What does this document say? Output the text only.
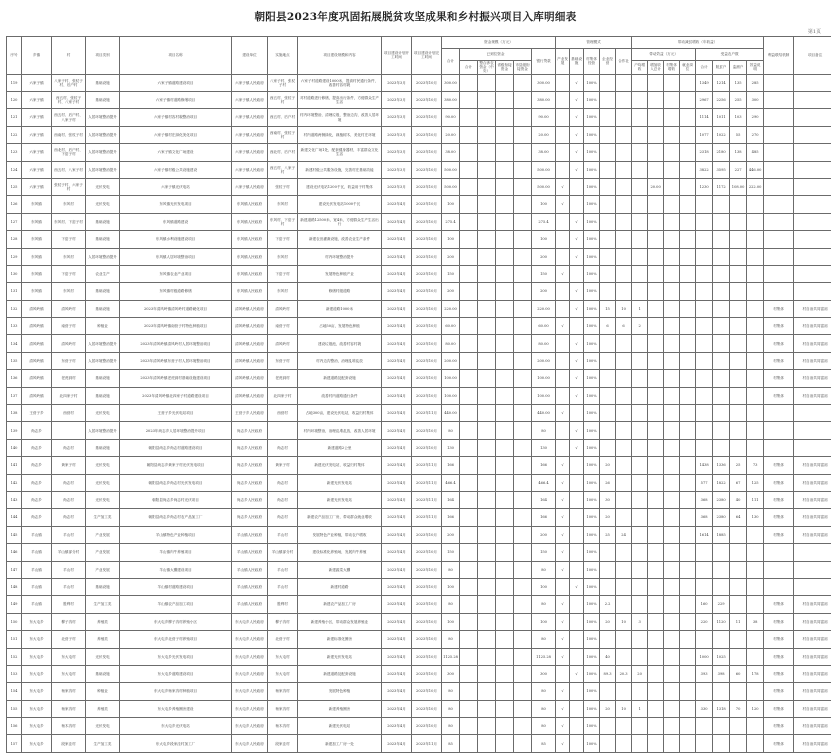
朝阳县2023年度巩固拓展脱贫攻坚成果和乡村振兴项目入库明细表
第1页
序号	乡镇	村	项目类别	项目名称	建设单位	实施地点	项目建设规模和内容	项目建设计划开工时间	项目建设计划完工时间	资金规模（万元）						管理模式					带动减贫增收（年收益）								利益联结机制	项目备注
										合计	已到位资金				银行贷款	产业发展	基础设施	村集体经营	企业经营	合作社	带动效益（万元）				受益农户数					
											合计	整合涉农资金（中央）	省级衔接资金	市县级衔接资金							户均增收	增加收入总计	村集体增收	就业岗位	合计	脱贫户	监测户	效益说明		
119	六家子镇	八家子村、张杖子村、后户村	基础设施	六家子镇道路建设项目	六家子镇人民政府	八家子村、张杖子村	六家子村道路建设1000米，提高村民通行条件，改善村容村貌	2023年3月	2023年10月	300.00					300.00		√	100%							1349	1214	135	285		
120	六家子镇	西五村、张杖子村、八家子村	基础设施	六家子镇村道路修缮项目	六家子镇人民政府	西五村、张杖子村	对村道路进行修缮，提高出行条件，方便群众生产生活	2023年3月	2023年10月	380.00					380.00		√	100%							2967	2256	255	300		
121	六家子镇	西五村、后户村、八家子村	人居环境整治提升	六家子镇村容村貌整治项目	六家子镇人民政府	西五村、后户村	村内环境整治，清理垃圾，整治边沟，改善人居环境	2023年3月	2023年10月	90.00					90.00		√	100%							1114	1011	103	290		
122	六家子镇	西南村、张杖子村	人居环境整治提升	六家子镇村庄绿化美化项目	六家子镇人民政府	西南村、张杖子村	村内道路两侧绿化，栽植树木，美化村庄环境	2023年3月	2023年10月	20.00					20.00		√	100%							1077	1022	55	270		
123	六家子镇	西北村、后户村、下窑子村	人居环境整治提升	六家子镇文化广场建设	六家子镇人民政府	西北村、后户村	新建文化广场1处，配套健身器材，丰富群众文化生活	2023年3月	2023年10月	38.00					38.00		√	100%							2318	2180	138	485		
124	六家子镇	西五村、八家子村	人居环境整治提升	六家子镇村级公共设施建设	六家子镇人民政府	西五村、八家子村	新建村级公共服务设施，完善村庄基础功能	2023年3月	2023年10月	500.00					500.00		√	100%							3822	3595	227	446.00		
125	六家子镇	张杖子村、六家子村	光伏发电	六家子镇光伏电站	六家子镇人民政府	张杖子村	建设光伏电站1200千瓦，收益用于村集体	2023年3月	2023年10月	500.00					500.00	√		100%				20.00			1230	1172	108.00	222.00		
126	东风镇	东风村	光伏发电	东风镇光伏发电项目	东风镇人民政府	东风村	建设光伏发电站1000千瓦	2023年4月	2023年10月	100					100	√		100%												
127	东风镇	东风村、下窑子村	基础设施	东风镇道路建设	东风镇人民政府	东风村、下窑子村	新建道路12500米，宽4米，方便群众生产生活出行	2023年4月	2023年10月	275.4					275.4		√	100%												
128	东风镇	下窑子村	基础设施	东风镇水利设施建设项目	东风镇人民政府	下窑子村	新建农田灌溉设施，改善农业生产条件	2023年4月	2023年10月	100					100		√	100%												
129	东风镇	东风村	人居环境整治提升	东风镇人居环境整治项目	东风镇人民政府	东风村	村内环境整治提升	2023年4月	2023年10月	200					200		√	100%												
130	东风镇	下窑子村	农业生产	东风镇农业产业项目	东风镇人民政府	下窑子村	发展特色种植产业	2023年4月	2023年10月	150					150	√		100%												
131	东风镇	东风村	基础设施	东风镇村级道路修缮	东风镇人民政府	东风村	修缮村级道路	2023年4月	2023年10月	200					200		√	100%												
132	清风岭镇	清风岭村	基础设施	2023年清风岭镇清风岭村道路硬化项目	清风岭镇人民政府	清风岭村	新建道路1000米	2023年4月	2023年10月	220.00					220.00		√	100%	15	10	1								村集体	村自治共同富裕
133	清风岭镇	南营子村	种植业	2023年清风岭镇南营子村特色种植项目	清风岭镇人民政府	南营子村	占地50亩，发展特色种植	2023年4月	2023年10月	60.00					60.00	√		100%	6	6	2								村集体	村自治共同富裕
134	清风岭镇	清风岭村	人居环境整治提升	2023年清风岭镇清风岭村人居环境整治项目	清风岭镇人民政府	清风岭村	建设垃圾池，改善村容村貌	2023年4月	2023年10月	80.00					80.00		√	100%											村集体	村自治共同富裕
135	清风岭镇	东营子村	人居环境整治提升	2023年清风岭镇东营子村人居环境整治项目	清风岭镇人民政府	东营子村	村内边沟整治，治理乱堆乱放	2023年4月	2023年10月	200.00					200.00		√	100%											村集体	村自治共同富裕
136	清风岭镇	老虎洞村	基础设施	2023年清风岭镇老虎洞村基础设施建设项目	清风岭镇人民政府	老虎洞村	新建道路及配套设施	2023年4月	2023年10月	100.00					100.00		√	100%											村集体	村自治共同富裕
137	清风岭镇	北四家子村	基础设施	2023年清风岭镇北四家子村道路建设项目	清风岭镇人民政府	北四家子村	改善村内道路通行条件	2023年4月	2023年10月	100.00					100.00		√	100%											村集体	村自治共同富裕
138	王营子乡	西营村	光伏发电	王营子乡光伏电站项目	王营子乡人民政府	西营村	占地300亩，建设光伏电站，收益归村集体	2023年4月	2023年11月	440.00					440.00	√		100%												
139	尚志乡		人居环境整治提升	2023年尚志乡人居环境整治提升项目	尚志乡人民政府		村内环境整治，治理乱堆乱放，改善人居环境	2023年4月	2023年10月	80					80		√	100%												
140	尚志乡	尚志村	基础设施	朝阳县尚志乡尚志村道路建设项目	尚志乡人民政府	尚志村	新建道路2公里	2023年4月	2023年10月	130					130		√	100%												
141	尚志乡	黄家子村	光伏发电	朝阳县尚志乡黄家子村光伏发电项目	尚志乡人民政府	黄家子村	新建光伏发电站，收益归村集体	2023年4月	2023年11月	166					166	√		100%	20						1438	1336	25	73	村集体	村自治共同富裕
142	尚志乡	尚志村	光伏发电	朝阳县尚志乡尚志村光伏发电项目	尚志乡人民政府	尚志村	新建光伏发电站	2023年4月	2023年11月	466.4					466.4	√		100%	26						577	1822	67	125	村集体	村自治共同富裕
143	尚志乡	尚志村	光伏发电	朝阳县尚志乡尚志村光伏项目	尚志乡人民政府	尚志村	新建光伏发电站	2023年4月	2023年11月	164					164	√		100%	30						368	2380	40	111	村集体	村自治共同富裕
144	尚志乡	尚志村	生产加工类	朝阳县尚志乡尚志村农产品加工厂	尚志乡人民政府	尚志村	新建农产品加工厂房，带动群众就业增收	2023年4月	2023年11月	166					166	√		100%	20						368	2380	64	130	村集体	村自治共同富裕
145	羊山镇	羊山村	产业发展	羊山镇特色产业种植项目	羊山镇人民政府	羊山村	发展特色产业种植，带动农户增收	2023年4月	2023年10月	200					200	√		100%	25	24					1614	1885			村集体	村自治共同富裕
146	羊山镇	羊山镇部分村	产业发展	羊山镇肉牛养殖项目	羊山镇人民政府	羊山镇部分村	建设标准化养殖场，发展肉牛养殖	2023年4月	2023年10月	150					150	√		100%												
147	羊山镇	羊山村	产业发展	羊山镇大棚建设项目	羊山镇人民政府	羊山村	新建蔬菜大棚	2023年4月	2023年10月	80					80	√		100%												
148	羊山镇	羊山村	基础设施	羊山镇村道路建设项目	羊山镇人民政府	羊山村	新建村道路	2023年4月	2023年10月	100					100		√	100%												
149	羊山镇	胜利村	生产加工类	羊山镇农产品加工项目	羊山镇人民政府	胜利村	新建农产品加工厂房	2023年4月	2023年10月	80					80	√		100%	2.2						160	229			村集体	村自治共同富裕
150	东大屯乡	柳子沟村	养殖类	东大屯乡柳子沟村养殖小区	东大屯乡人民政府	柳子沟村	新建养殖小区，带动群众发展养殖业	2023年4月	2023年10月	100					100	√		100%	20	10	3				220	1120	11	38	村集体	村自治共同富裕
151	东大屯乡	北营子村	养殖类	东大屯乡北营子村养殖项目	东大屯乡人民政府	北营子村	新建标准化圈舍	2023年4月	2023年10月	80					80	√		100%											村集体	村自治共同富裕
152	东大屯乡	东大屯村	光伏发电	东大屯乡光伏发电项目	东大屯乡人民政府	东大屯村	新建光伏发电站	2023年4月	2023年10月	1125.28					1125.28	√		100%	40						1000	1025			村集体	村自治共同富裕
153	东大屯乡	东大屯村	基础设施	东大屯乡道路建设项目	东大屯乡人民政府	东大屯村	新建道路及配套设施	2023年4月	2023年10月	300					300		√	100%	89.3	20.3	20				393	398	60	178	村集体	村自治共同富裕
154	东大屯乡	杨家沟村	种植业	东大屯乡杨家沟村种植项目	东大屯乡人民政府	杨家沟村	发展特色种植	2023年4月	2023年10月	80					80	√		100%											村集体	村自治共同富裕
155	东大屯乡	杨家沟村	养殖类	东大屯乡养殖圈舍建设	东大屯乡人民政府	杨家沟村	新建养殖圈舍	2023年4月	2023年10月	80					80	√		100%	20	10	1				330	1318	70	120	村集体	村自治共同富裕
156	东大屯乡	杨木沟村	光伏发电	东大屯乡光伏电站	东大屯乡人民政府	杨木沟村	新建光伏电站	2023年4月	2023年10月	80					80	√		100%											村集体	村自治共同富裕
157	东大屯乡	段家洼村	生产加工类	东大屯乡段家洼村加工厂	东大屯乡人民政府	段家洼村	新建加工厂房一处	2023年4月	2023年11月	85					85	√		100%											村集体	村自治共同富裕
